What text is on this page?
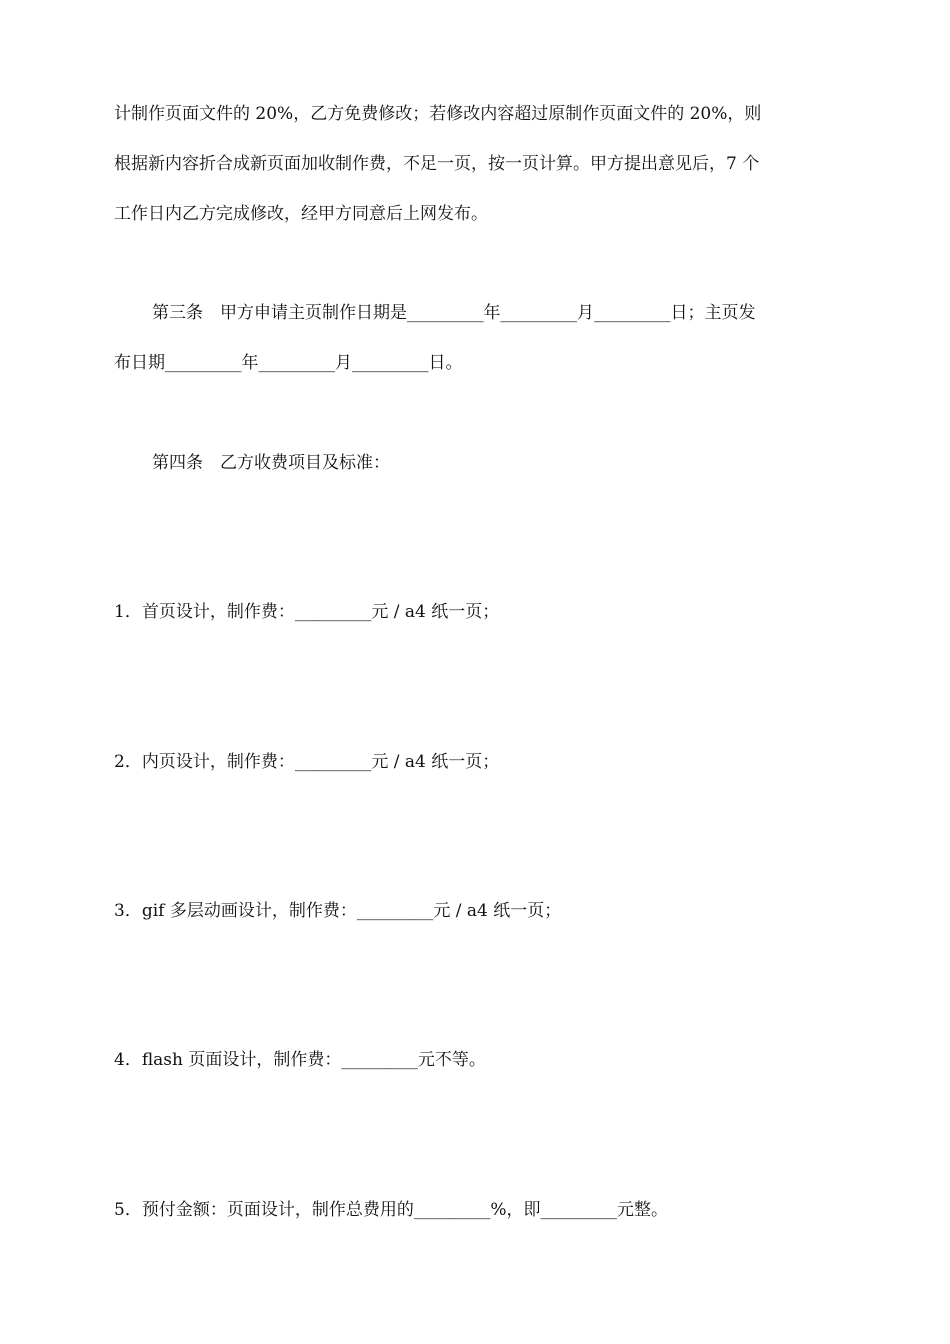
计制作页面文件的 20%，乙方免费修改；若修改内容超过原制作页面文件的 20%，则
根据新内容折合成新页面加收制作费，不足一页，按一页计算。甲方提出意见后，7 个
工作日内乙方完成修改，经甲方同意后上网发布。
第三条　甲方申请主页制作日期是_________年_________月_________日；主页发
布日期_________年_________月_________日。
第四条　乙方收费项目及标准：
1．首页设计，制作费：_________元 / a4 纸一页；
2．内页设计，制作费：_________元 / a4 纸一页；
3．gif 多层动画设计，制作费：_________元 / a4 纸一页；
4．flash 页面设计，制作费：_________元不等。
5．预付金额：页面设计，制作总费用的_________%，即_________元整。
